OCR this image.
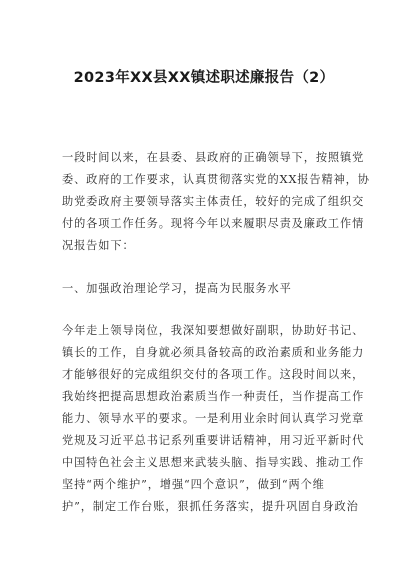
2023年XX县XX镇述职述廉报告（2）

一段时间以来，在县委、县政府的正确领导下，按照镇党
委、政府的工作要求，认真贯彻落实党的XX报告精神，协
助党委政府主要领导落实主体责任，较好的完成了组织交
付的各项工作任务。现将今年以来履职尽责及廉政工作情
况报告如下：

一、加强政治理论学习，提高为民服务水平

今年走上领导岗位，我深知要想做好副职，协助好书记、
镇长的工作，自身就必须具备较高的政治素质和业务能力
才能够很好的完成组织交付的各项工作。这段时间以来，
我始终把提高思想政治素质当作一种责任，当作提高工作
能力、领导水平的要求。一是利用业余时间认真学习党章
党规及习近平总书记系列重要讲话精神，用习近平新时代
中国特色社会主义思想来武装头脑、指导实践、推动工作
坚持“两个维护”，增强“四个意识”，做到“两个维
护”，制定工作台账，狠抓任务落实，提升巩固自身政治
